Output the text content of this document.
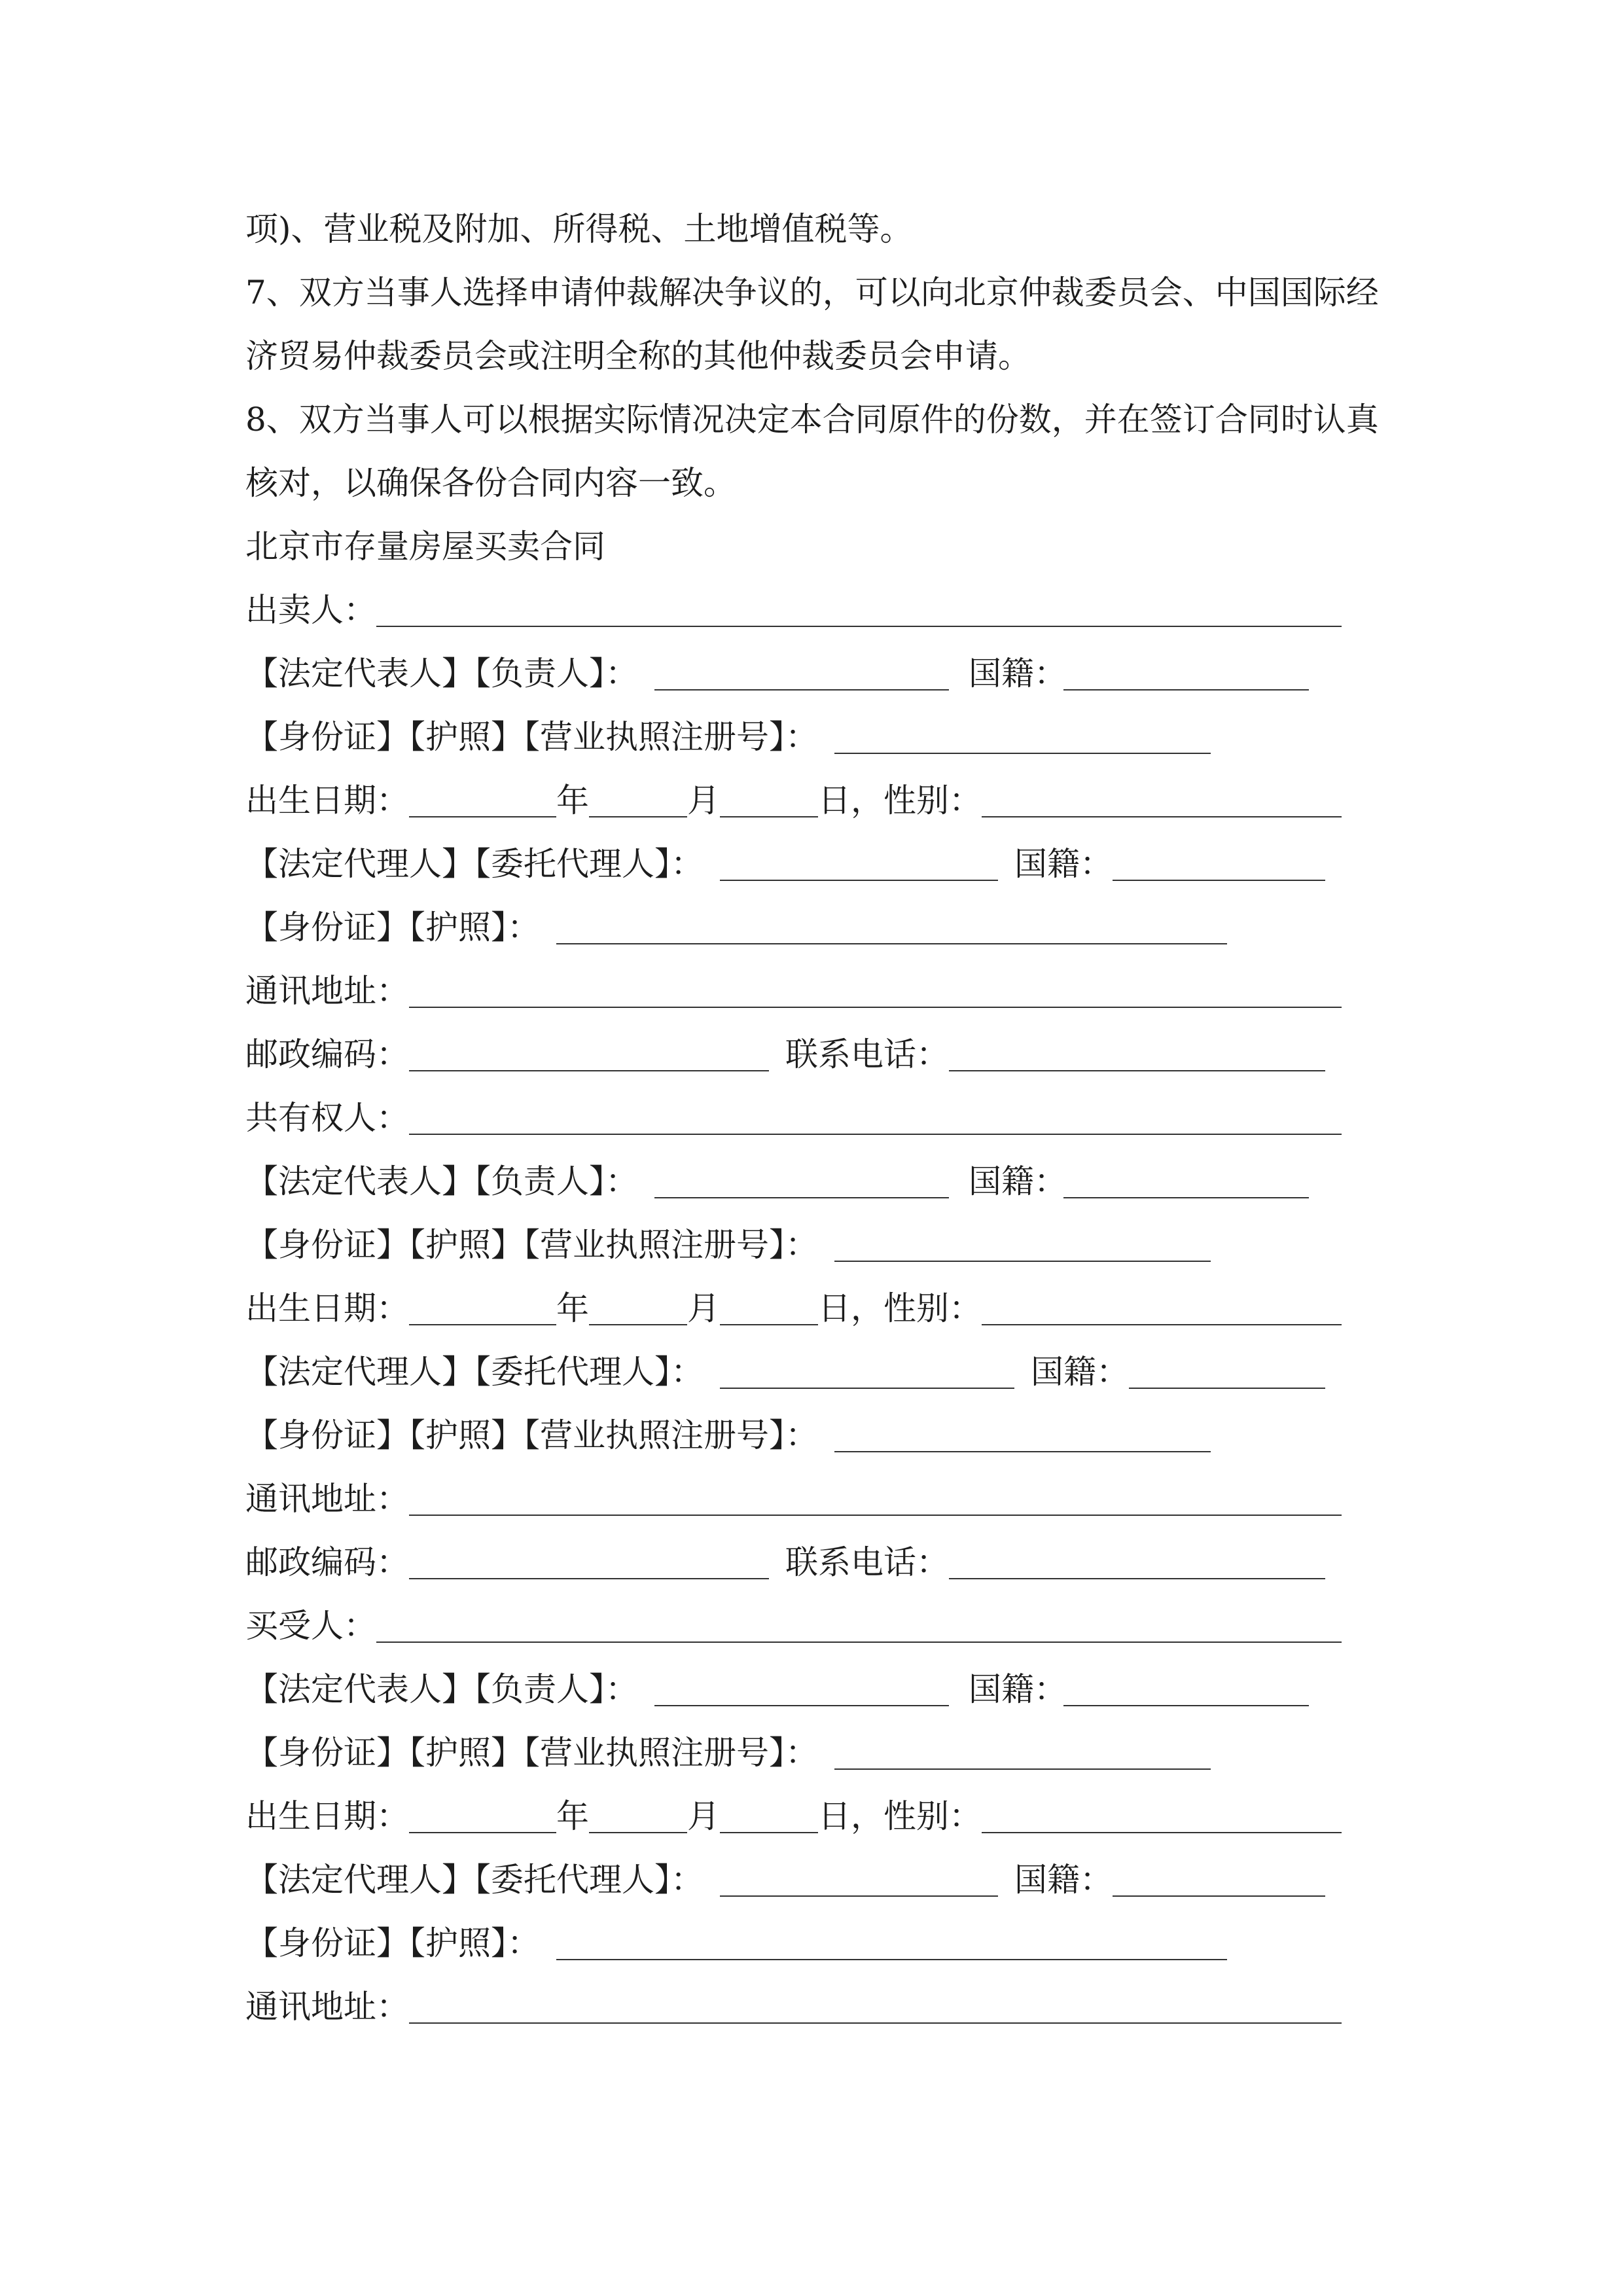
项)、营业税及附加、所得税、土地增值税等。
7、双方当事人选择申请仲裁解决争议的，可以向北京仲裁委员会、中国国际经
济贸易仲裁委员会或注明全称的其他仲裁委员会申请。
8、双方当事人可以根据实际情况决定本合同原件的份数，并在签订合同时认真
核对，以确保各份合同内容一致。
北京市存量房屋买卖合同
出卖人：
【法定代表人】【负责人】：	国籍：
【身份证】【护照】【营业执照注册号】：
出生日期：	年	月	日，性别：
【法定代理人】【委托代理人】：	国籍：
【身份证】【护照】：
通讯地址：
邮政编码：	联系电话：
共有权人：
【法定代表人】【负责人】：	国籍：
【身份证】【护照】【营业执照注册号】：
出生日期：	年	月	日，性别：
【法定代理人】【委托代理人】：	国籍：
【身份证】【护照】【营业执照注册号】：
通讯地址：
邮政编码：	联系电话：
买受人：
【法定代表人】【负责人】：	国籍：
【身份证】【护照】【营业执照注册号】：
出生日期：	年	月	日，性别：
【法定代理人】【委托代理人】：	国籍：
【身份证】【护照】：
通讯地址：
